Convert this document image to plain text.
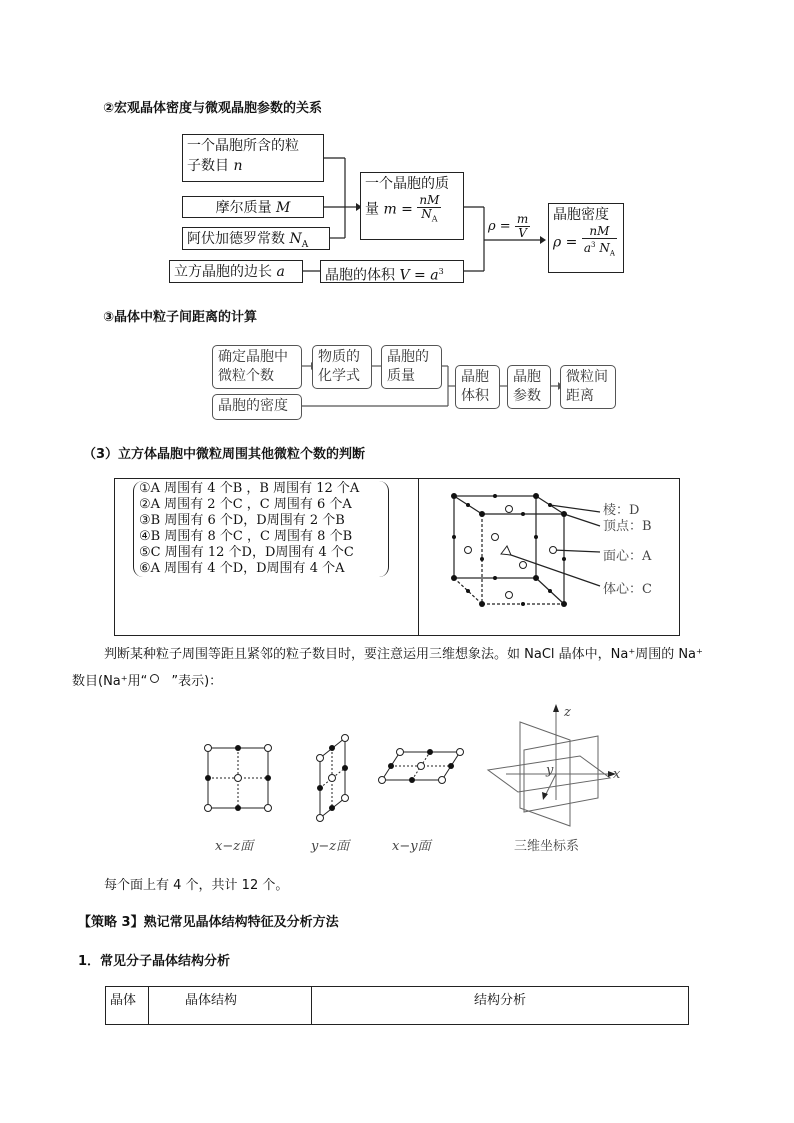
②宏观晶体密度与微观晶胞参数的关系
一个晶胞所含的粒
子数目 n
摩尔质量 M
阿伏加德罗常数 $N_A$
立方晶胞的边长 a	晶胞的体积 $V = a^3$
一个晶胞的质
量 $m = \frac{nM}{N_A}$
$\rho = \frac{m}{V}$	晶胞密度
$\rho = \frac{nM}{a^3 N_A}$
③晶体中粒子间距离的计算
确定晶胞中
微粒个数
物质的
化学式
晶胞的
质量
晶胞的密度
晶胞
体积
晶胞
参数
微粒间
距离
（3）立方体晶胞中微粒周围其他微粒个数的判断
①A 周围有 4 个B ，B 周围有 12 个A
②A 周围有 2 个C ，C 周围有 6 个A
③B 周围有 6 个D，D周围有 2 个B
④B 周围有 8 个C ，C 周围有 8 个B
⑤C 周围有 12 个D，D周围有 4 个C
⑥A 周围有 4 个D，D周围有 4 个A
棱：D
顶点：B
面心：A
体心：C
判断某种粒子周围等距且紧邻的粒子数目时，要注意运用三维想象法。如 NaCl 晶体中，Na⁺周围的 Na⁺
数目(Na⁺用“ ”表示)：
z
y	x
x−z面	y−z面	x−y面	三维坐标系
每个面上有 4 个，共计 12 个。
【策略 3】熟记常见晶体结构特征及分析方法
1．常见分子晶体结构分析
晶体	晶体结构	结构分析
